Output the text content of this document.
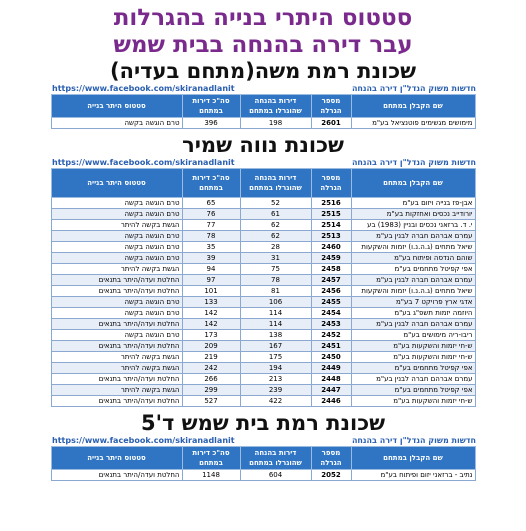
סטטוס היתרי בנייה בהגרלות
עבר דירה בהנחה בבית שמש
שכונת רמת משה(מתחם בעדיה)
https://www.facebook.com/skiranadlanit	חדשות משוק הנדל"ן דירה בהנחה
שם הקבלן במתחם	מספר הגרלה	דירות בהנחה שהוגרלו במתחם	סה"כ דירות במתחם	סטטוס היתר בנייה
מימושים מגשימים פוטנציאל בע"מ	2601	198	396	טרם הוגשה בקשה
שכונת נווה שמיר
https://www.facebook.com/skiranadlanit	חדשות משוק הנדל"ן דירה בהנחה
שם הקבלן במתחם	מספר הגרלה	דירות בהנחה שהוגרלו במתחם	סה"כ דירות במתחם	סטטוס היתר בנייה
אבן-פז בנייה ויזום בע"מ	2516	52	65	טרם הוגשה בקשה
יורודייב נכסים ואחזקות בע"מ	2515	61	76	טרם הוגשה בקשה
י. ד. ברזאני נכסים ובניין (1983) בע	2514	62	77	הגשת בקשה להיתר
עמרם אברהם חברה לבנין בע"מ	2513	62	78	טרם הוגשה בקשה
שיאל מתחים (ג.ה.נ.ו) יזמות והשקעות	2460	28	35	טרם הוגשה בקשה
שוהם הנדסה ופיתוח בע"מ	2459	31	39	טרם הוגשה בקשה
אפי קפיטל מתחמים בע"מ	2458	75	94	הגשת בקשה להיתר
עמרם אברהם חברה לבנין בע"מ	2457	78	97	החלטת ועדה/היתר בתנאים
שיאל מתחים (ג.ה.נ.ו) יזמות והשקעות	2456	81	101	החלטת ועדה/היתר בתנאים
אדגי ארץ פרויקט 7 בע"מ	2455	106	133	טרם הוגשה בקשה
היוזמה יזמות תשפ"ג בע"מ	2454	114	142	טרם הוגשה בקשה
עמרם אברהם חברה לבנין בע"מ	2453	114	142	החלטת ועדה/היתר בתנאים
ריבו-ריה מימושים בע"מ	2452	138	173	טרם הוגשה בקשה
ש-חי יזמות והשקעות בע"מ	2451	167	209	החלטת ועדה/היתר בתנאים
ש-חי יזמות והשקעות בע"מ	2450	175	219	הגשת בקשה להיתר
אפי קפיטל מתחמים בע"מ	2449	194	242	הגשת בקשה להיתר
עמרם אברהם חברה לבנין בע"מ	2448	213	266	החלטת ועדה/היתר בתנאים
אפי קפיטל מתחמים בע"מ	2447	239	299	הגשת בקשה להיתר
ש-חי יזמות והשקעות בע"מ	2446	422	527	החלטת ועדה/היתר בתנאים
שכונת רמת בית שמש ד'5
https://www.facebook.com/skiranadlanit	חדשות משוק הנדל"ן דירה בהנחה
שם הקבלן במתחם	מספר הגרלה	דירות בהנחה שהוגרלו במתחם	סה"כ דירות במתחם	סטטוס היתר בנייה
נתיב - ברזאני יזום ופיתוח בע"מ	2052	604	1148	החלטת ועדה/היתר בתנאים
